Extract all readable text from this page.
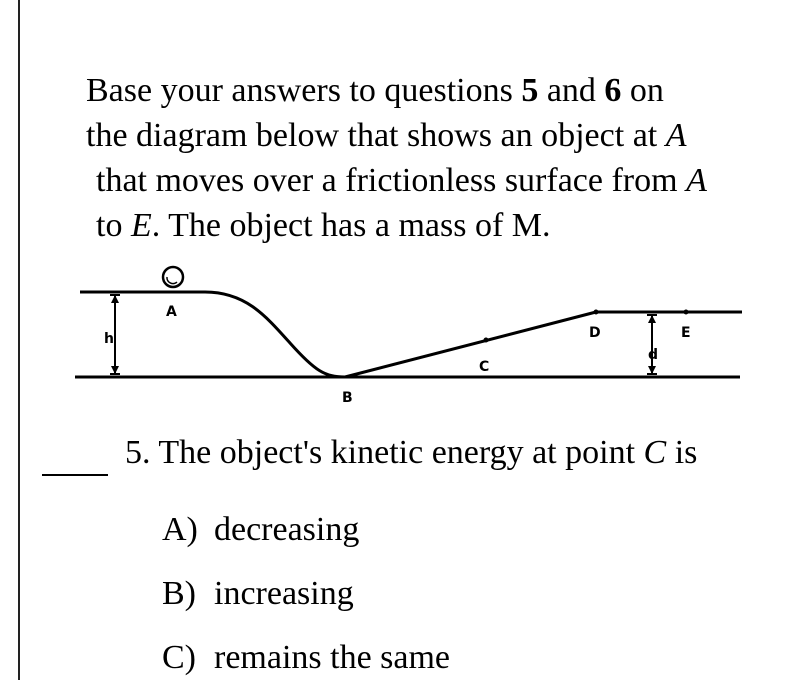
Base your answers to questions 5 and 6 on
the diagram below that shows an object at A
that moves over a frictionless surface from A
to E. The object has a mass of M.
A
B
C
D	E
h
d
5. The object's kinetic energy at point C is
A) decreasing
B) increasing
C) remains the same
